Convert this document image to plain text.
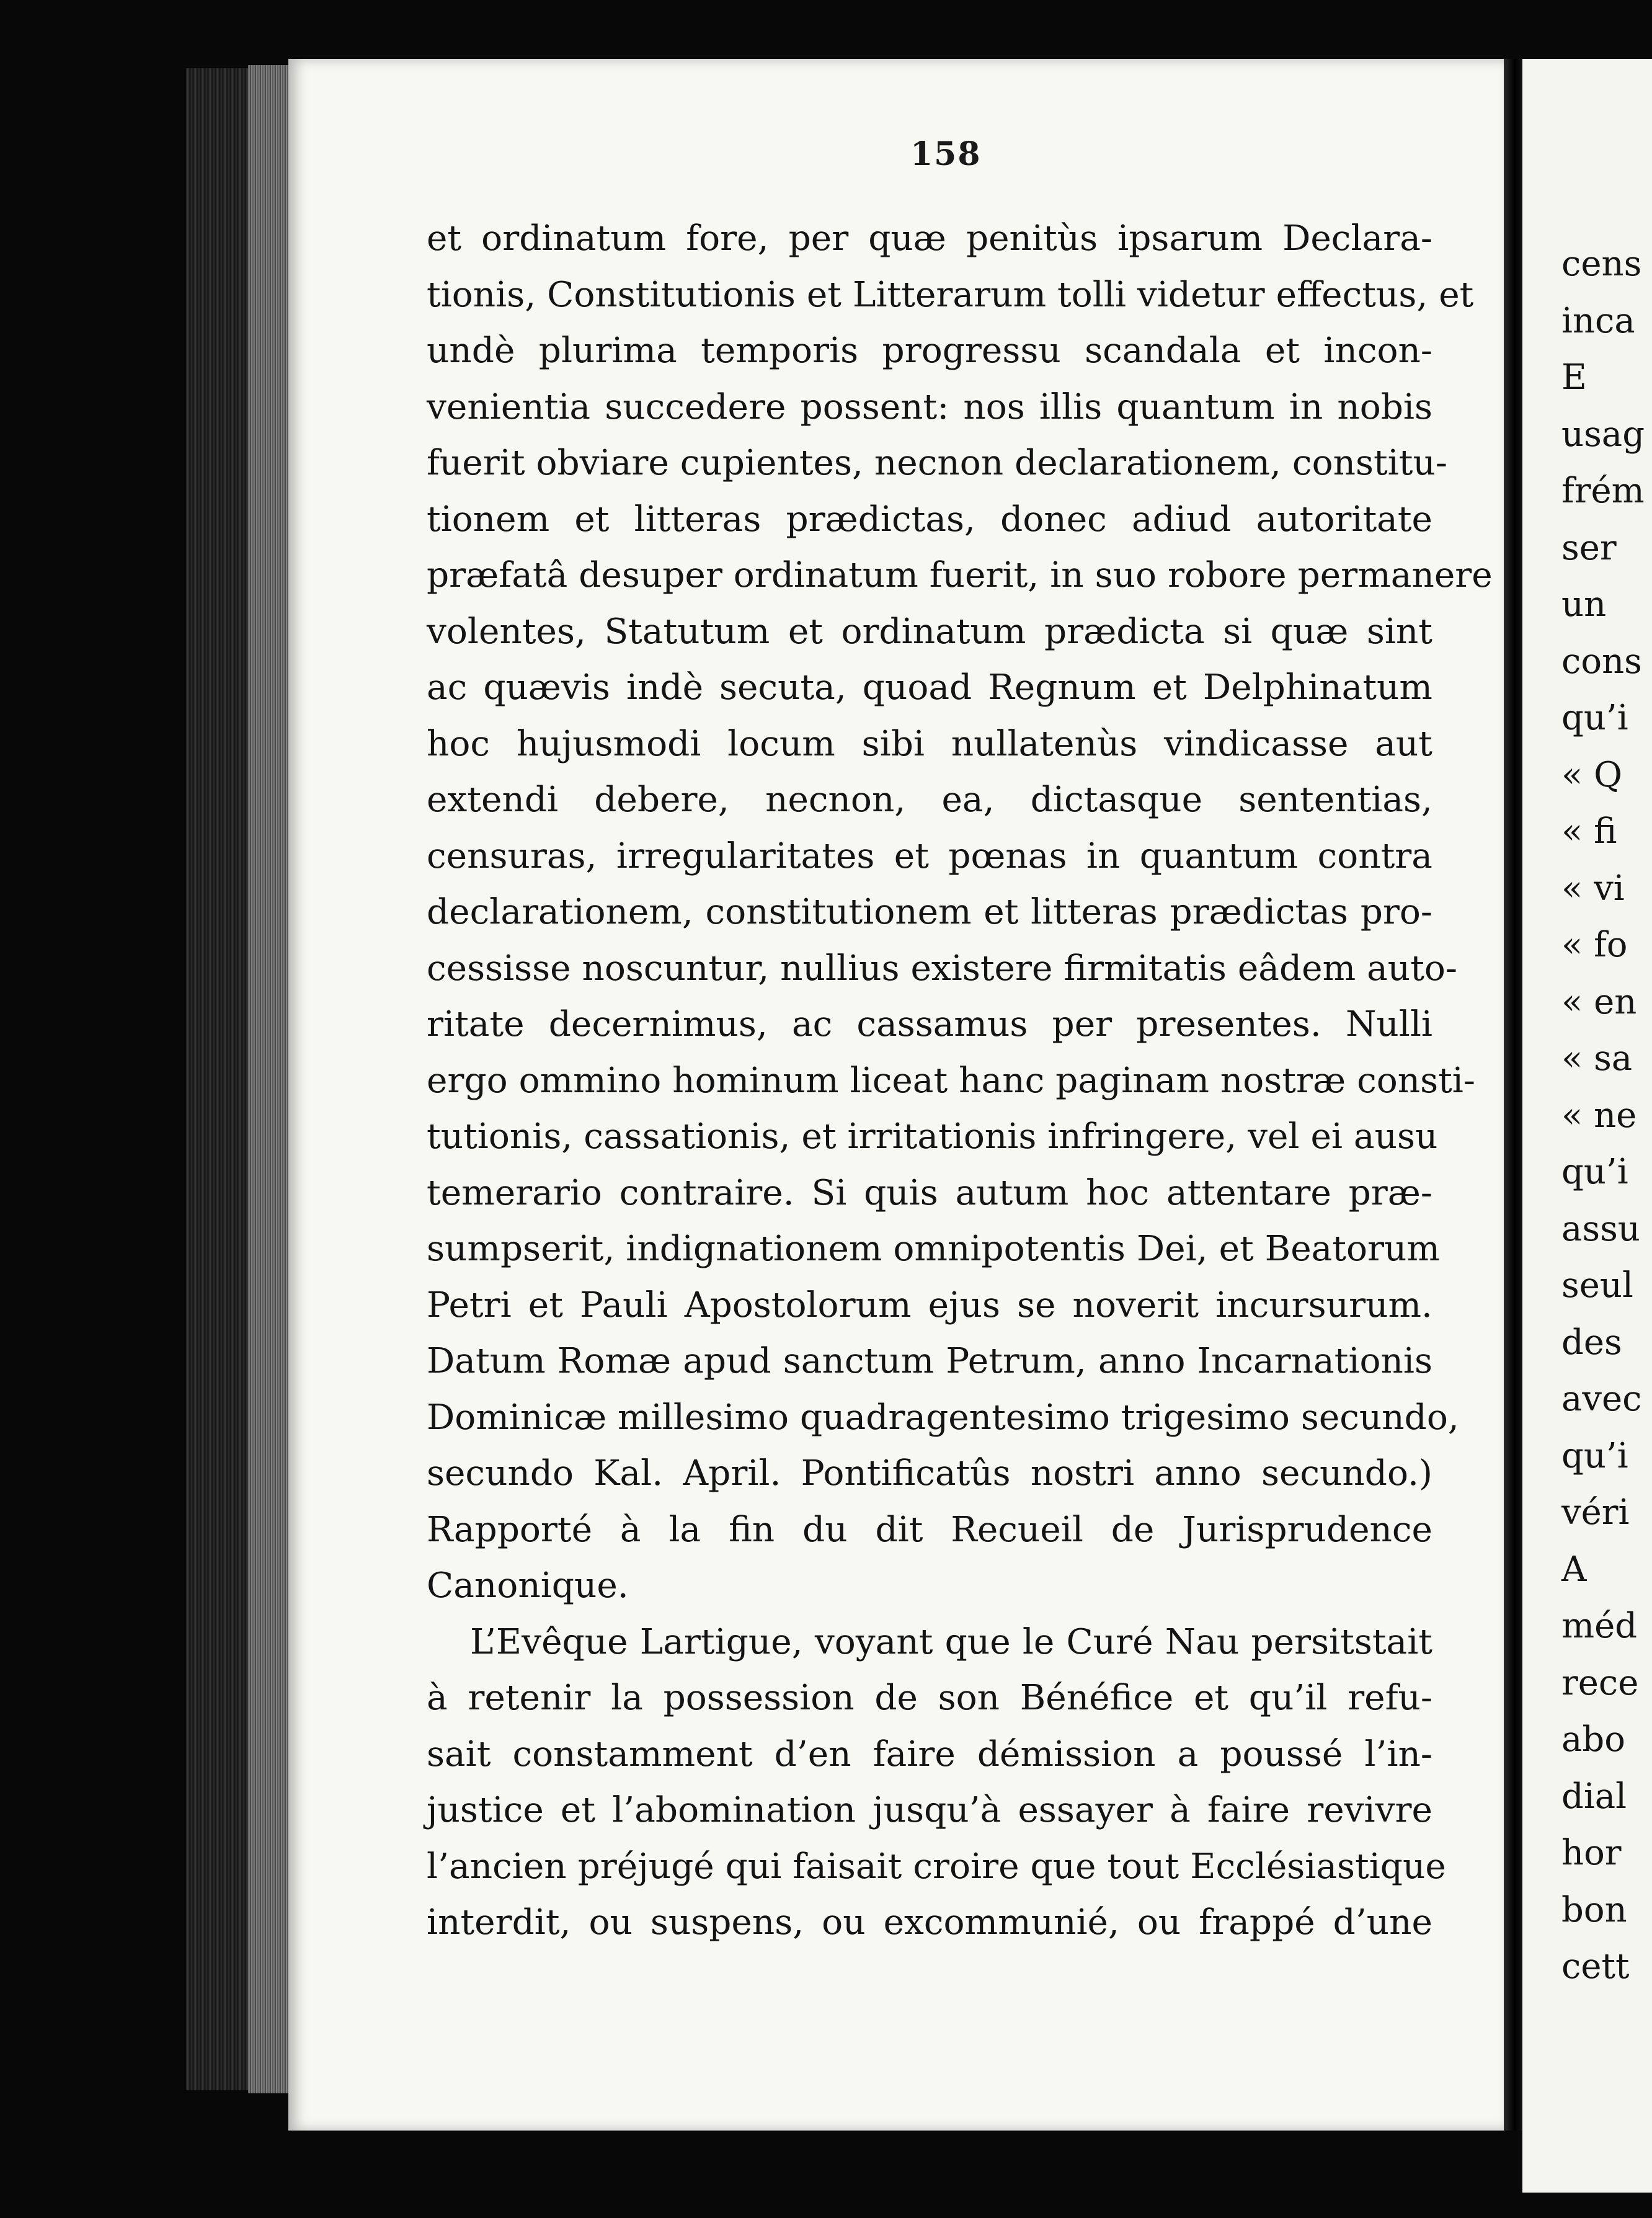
158
et ordinatum fore, per quæ penitùs ipsarum Declara-
tionis, Constitutionis et Litterarum tolli videtur effectus, et
undè plurima temporis progressu scandala et incon-
venientia succedere possent: nos illis quantum in nobis
fuerit obviare cupientes, necnon declarationem, constitu-
tionem et litteras prædictas, donec adiud autoritate
præfatâ desuper ordinatum fuerit, in suo robore permanere
volentes, Statutum et ordinatum prædicta si quæ sint
ac quævis indè secuta, quoad Regnum et Delphinatum
hoc hujusmodi locum sibi nullatenùs vindicasse aut
extendi debere, necnon, ea, dictasque sententias,
censuras, irregularitates et pœnas in quantum contra
declarationem, constitutionem et litteras prædictas pro-
cessisse noscuntur, nullius existere firmitatis eâdem auto-
ritate decernimus, ac cassamus per presentes. Nulli
ergo ommino hominum liceat hanc paginam nostræ consti-
tutionis, cassationis, et irritationis infringere, vel ei ausu
temerario contraire. Si quis autum hoc attentare præ-
sumpserit, indignationem omnipotentis Dei, et Beatorum
Petri et Pauli Apostolorum ejus se noverit incursurum.
Datum Romæ apud sanctum Petrum, anno Incarnationis
Dominicæ millesimo quadragentesimo trigesimo secundo,
secundo Kal. April. Pontificatûs nostri anno secundo.)
Rapporté à la fin du dit Recueil de Jurisprudence
Canonique.
L’Evêque Lartigue, voyant que le Curé Nau persitstait
à retenir la possession de son Bénéfice et qu’il refu-
sait constamment d’en faire démission a poussé l’in-
justice et l’abomination jusqu’à essayer à faire revivre
l’ancien préjugé qui faisait croire que tout Ecclésiastique
interdit, ou suspens, ou excommunié, ou frappé d’une
cens
inca
E
usag
frém
ser
un
cons
qu’i
« Q
« fi
« vi
« fo
« en
« sa
« ne
qu’i
assu
seul
des
avec
qu’i
véri
A
méd
rece
abo
dial
hor
bon
cett
